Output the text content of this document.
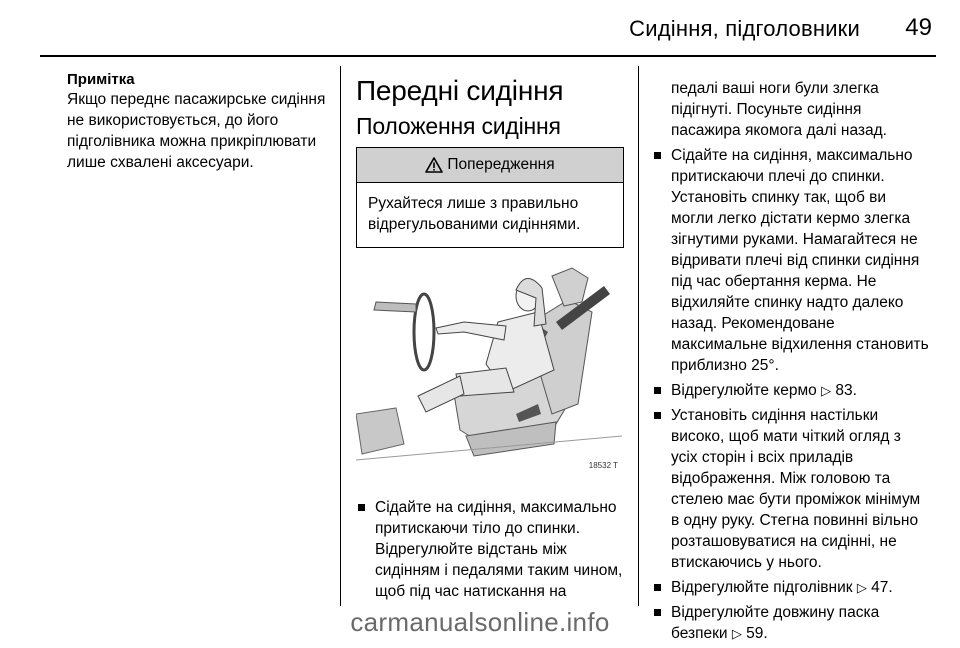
Сидіння, підголовники 49
Примітка
Якщо переднє пасажирське сидіння не використовується, до його підголівника можна прикріплювати лише схвалені аксесуари.
Передні сидіння
Положення сидіння
Попередження
Рухайтеся лише з правильно відрегульованими сидіннями.
18532 T
Сідайте на сидіння, максимально притискаючи тіло до спинки. Відрегулюйте відстань між сидінням і педалями таким чином, щоб під час натискання на
педалі ваші ноги були злегка підігнуті. Посуньте сидіння пасажира якомога далі назад.
Сідайте на сидіння, максимально притискаючи плечі до спинки. Установіть спинку так, щоб ви могли легко дістати кермо злегка зігнутими руками. Намагайтеся не відривати плечі від спинки сидіння під час обертання керма. Не відхиляйте спинку надто далеко назад. Рекомендоване максимальне відхилення становить приблизно 25°.
Відрегулюйте кермо ▷ 83.
Установіть сидіння настільки високо, щоб мати чіткий огляд з усіх сторін і всіх приладів відображення. Між головою та стелею має бути проміжок мінімум в одну руку. Стегна повинні вільно розташовуватися на сидінні, не втискаючись у нього.
Відрегулюйте підголівник ▷ 47.
Відрегулюйте довжину паска безпеки ▷ 59.
carmanualsonline.info
